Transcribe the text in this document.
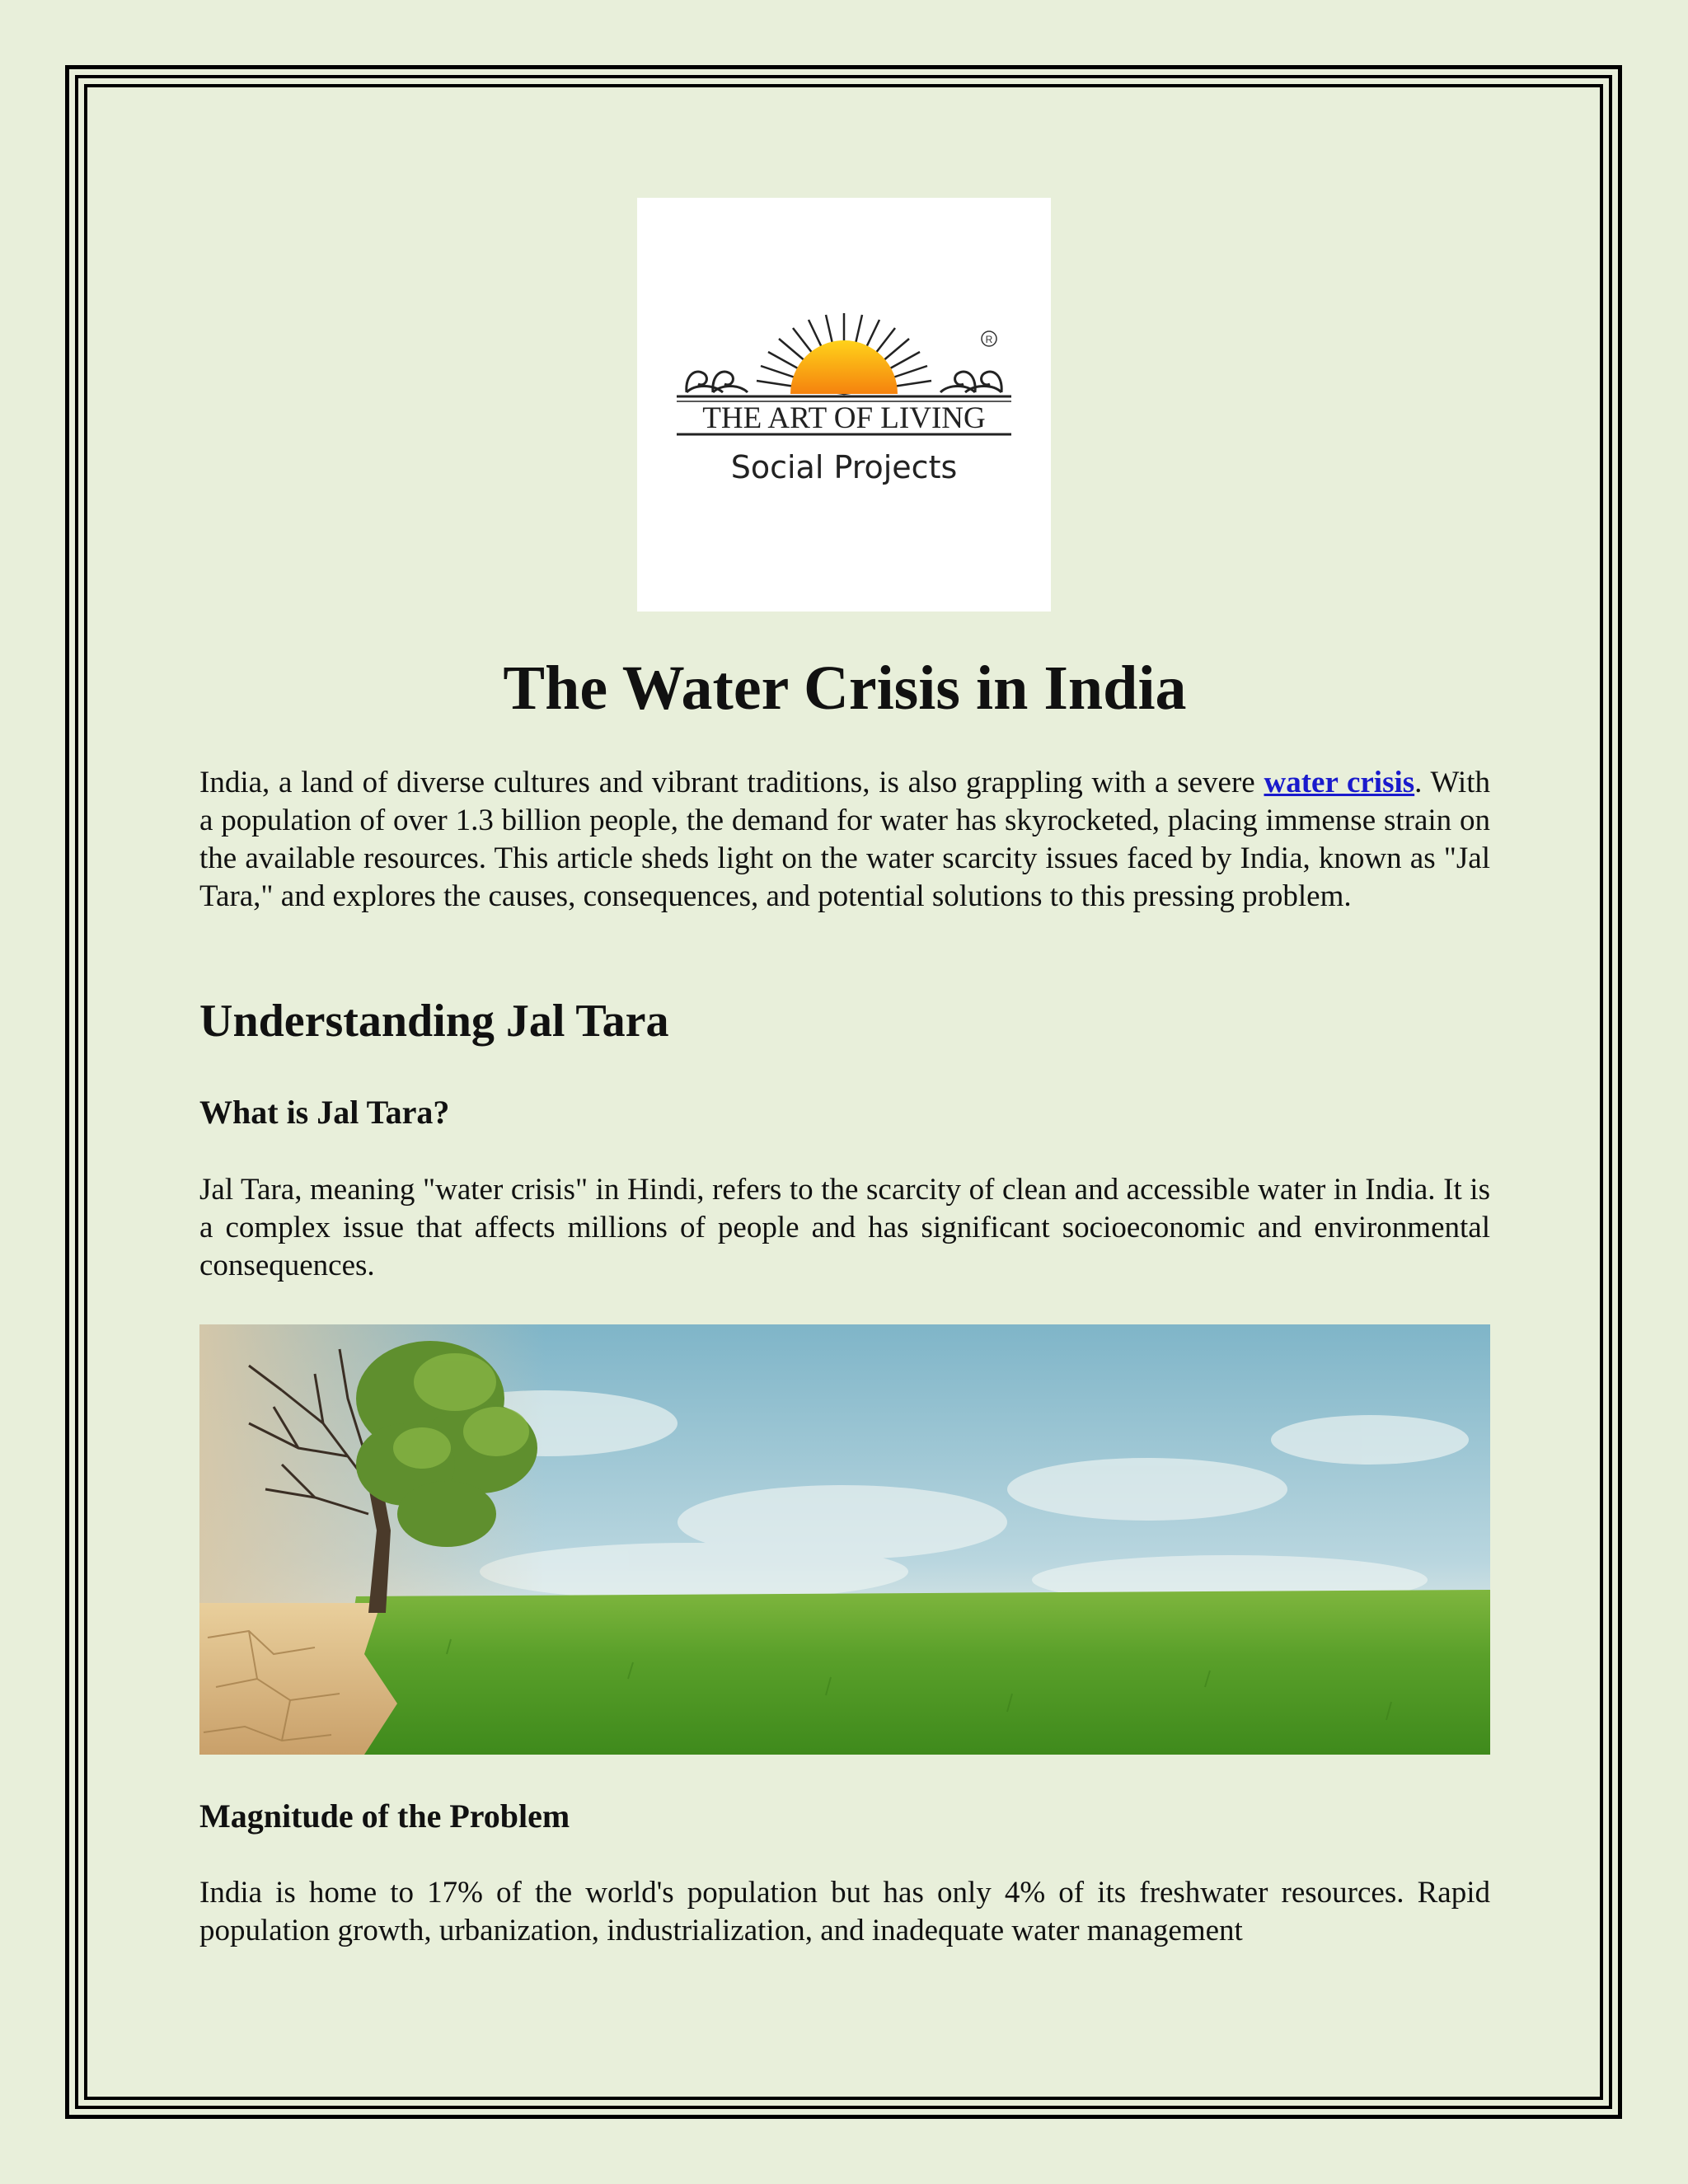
R
THE ART OF LIVING
Social Projects
The Water Crisis in India

India, a land of diverse cultures and vibrant traditions, is also grappling with a severe water crisis. With a population of over 1.3 billion people, the demand for water has skyrocketed, placing immense strain on the available resources. This article sheds light on the water scarcity issues faced by India, known as "Jal Tara," and explores the causes, consequences, and potential solutions to this pressing problem.

Understanding Jal Tara
What is Jal Tara?

Jal Tara, meaning "water crisis" in Hindi, refers to the scarcity of clean and accessible water in India. It is a complex issue that affects millions of people and has significant socioeconomic and environmental consequences.

Magnitude of the Problem

India is home to 17% of the world's population but has only 4% of its freshwater resources. Rapid population growth, urbanization, industrialization, and inadequate water management
